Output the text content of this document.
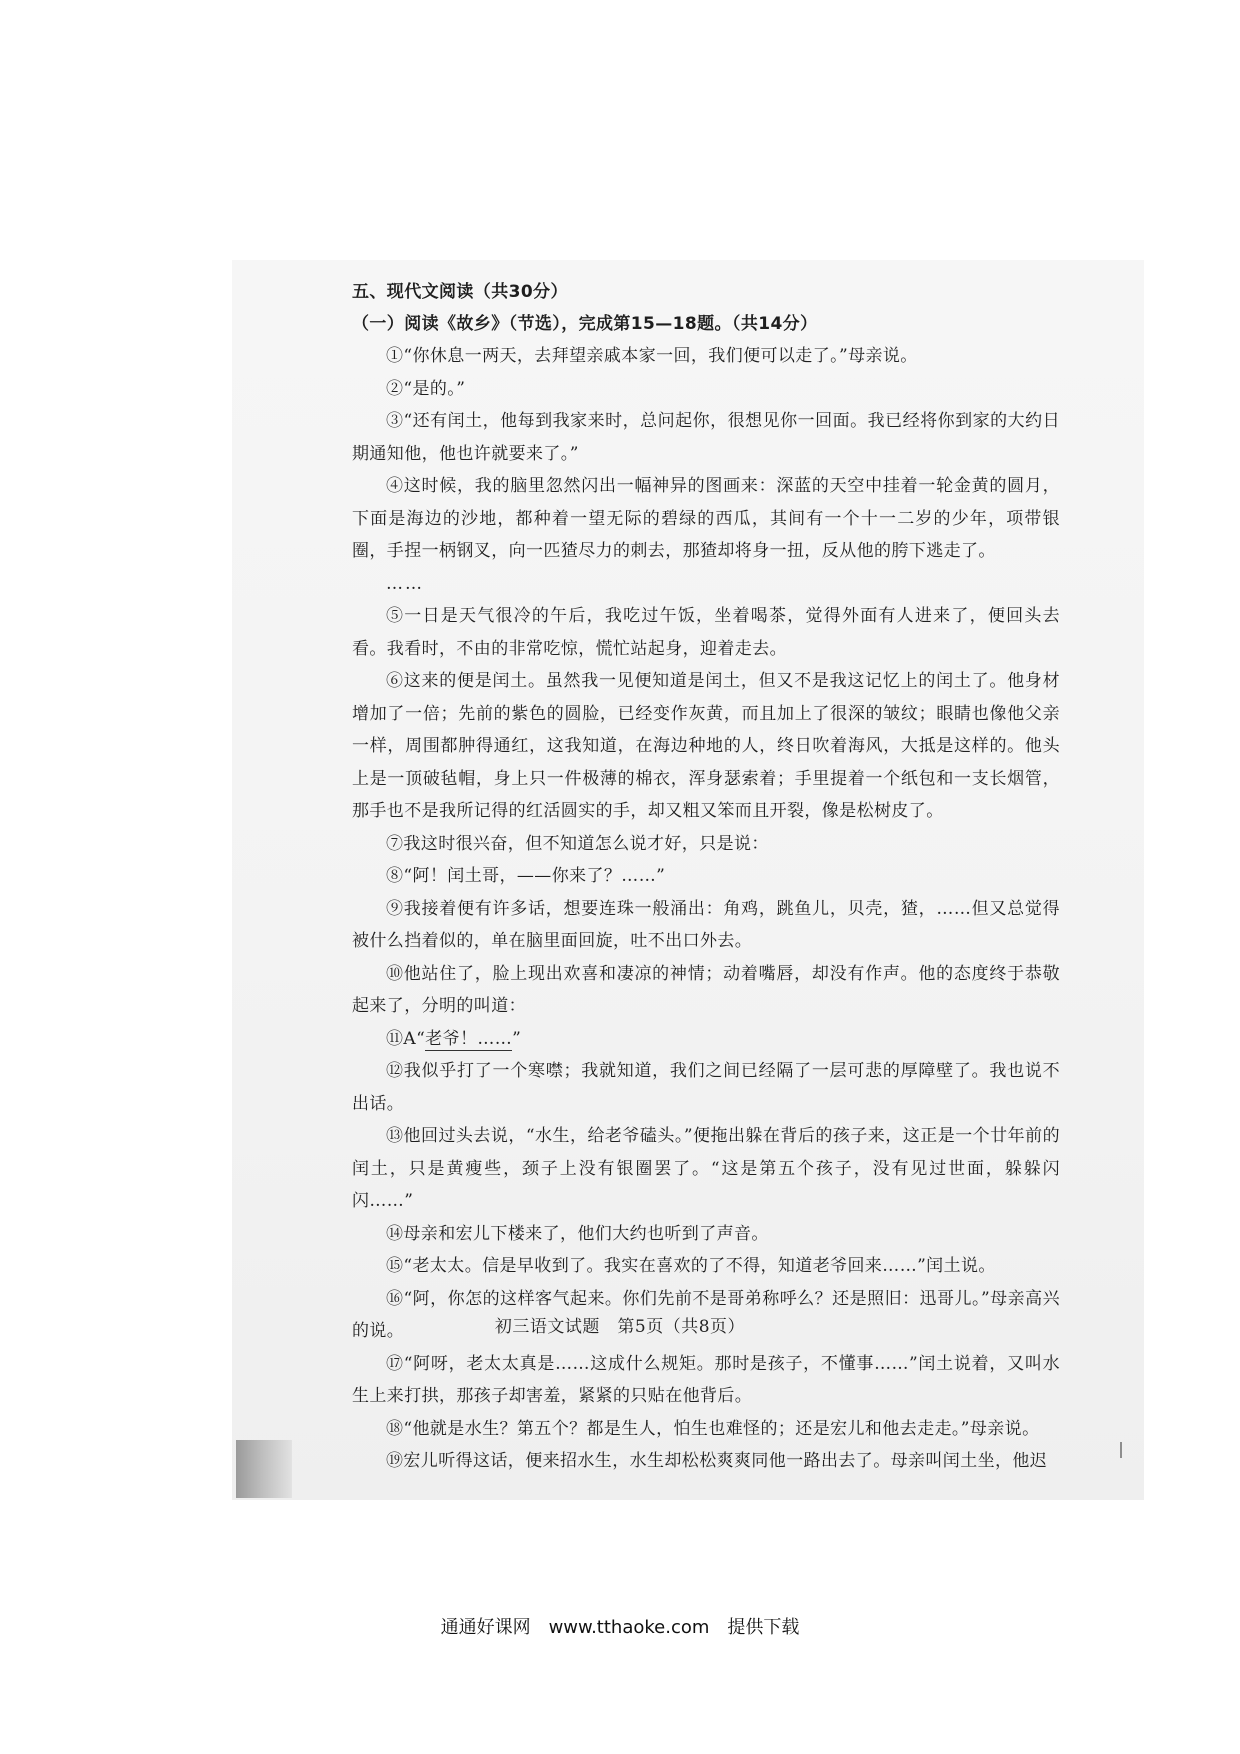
五、现代文阅读（共30分）
（一）阅读《故乡》（节选），完成第15—18题。（共14分）

①“你休息一两天，去拜望亲戚本家一回，我们便可以走了。”母亲说。

②“是的。”

③“还有闰土，他每到我家来时，总问起你，很想见你一回面。我已经将你到家的大约日期通知他，他也许就要来了。”

④这时候，我的脑里忽然闪出一幅神异的图画来：深蓝的天空中挂着一轮金黄的圆月，下面是海边的沙地，都种着一望无际的碧绿的西瓜，其间有一个十一二岁的少年，项带银圈，手捏一柄钢叉，向一匹猹尽力的刺去，那猹却将身一扭，反从他的胯下逃走了。

……

⑤一日是天气很冷的午后，我吃过午饭，坐着喝茶，觉得外面有人进来了，便回头去看。我看时，不由的非常吃惊，慌忙站起身，迎着走去。

⑥这来的便是闰土。虽然我一见便知道是闰土，但又不是我这记忆上的闰土了。他身材增加了一倍；先前的紫色的圆脸，已经变作灰黄，而且加上了很深的皱纹；眼睛也像他父亲一样，周围都肿得通红，这我知道，在海边种地的人，终日吹着海风，大抵是这样的。他头上是一顶破毡帽，身上只一件极薄的棉衣，浑身瑟索着；手里提着一个纸包和一支长烟管，那手也不是我所记得的红活圆实的手，却又粗又笨而且开裂，像是松树皮了。

⑦我这时很兴奋，但不知道怎么说才好，只是说：

⑧“阿！闰土哥，——你来了？……”

⑨我接着便有许多话，想要连珠一般涌出：角鸡，跳鱼儿，贝壳，猹，……但又总觉得被什么挡着似的，单在脑里面回旋，吐不出口外去。

⑩他站住了，脸上现出欢喜和凄凉的神情；动着嘴唇，却没有作声。他的态度终于恭敬起来了，分明的叫道：

⑪A“老爷！……”

⑫我似乎打了一个寒噤；我就知道，我们之间已经隔了一层可悲的厚障壁了。我也说不出话。

⑬他回过头去说，“水生，给老爷磕头。”便拖出躲在背后的孩子来，这正是一个廿年前的闰土，只是黄瘦些，颈子上没有银圈罢了。“这是第五个孩子，没有见过世面，躲躲闪闪……”

⑭母亲和宏儿下楼来了，他们大约也听到了声音。

⑮“老太太。信是早收到了。我实在喜欢的了不得，知道老爷回来……”闰土说。

⑯“阿，你怎的这样客气起来。你们先前不是哥弟称呼么？还是照旧：迅哥儿。”母亲高兴的说。

⑰“阿呀，老太太真是……这成什么规矩。那时是孩子，不懂事……”闰土说着，又叫水生上来打拱，那孩子却害羞，紧紧的只贴在他背后。

⑱“他就是水生？第五个？都是生人，怕生也难怪的；还是宏儿和他去走走。”母亲说。

⑲宏儿听得这话，便来招水生，水生却松松爽爽同他一路出去了。母亲叫闰土坐，他迟

初三语文试题　第5页（共8页）
通通好课网　www.tthaoke.com　提供下载
